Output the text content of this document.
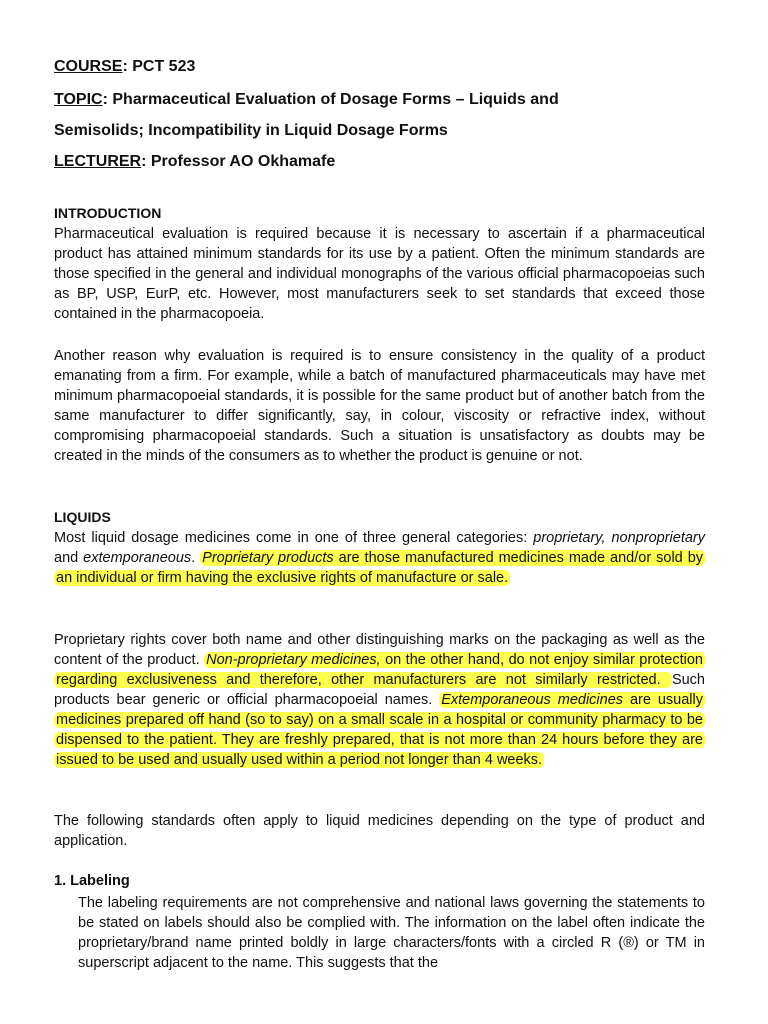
COURSE: PCT 523
TOPIC: Pharmaceutical Evaluation of Dosage Forms – Liquids and
Semisolids; Incompatibility in Liquid Dosage Forms
LECTURER: Professor AO Okhamafe
INTRODUCTION

Pharmaceutical evaluation is required because it is necessary to ascertain if a pharmaceutical product has attained minimum standards for its use by a patient. Often the minimum standards are those specified in the general and individual monographs of the various official pharmacopoeias such as BP, USP, EurP, etc. However, most manufacturers seek to set standards that exceed those contained in the pharmacopoeia.

Another reason why evaluation is required is to ensure consistency in the quality of a product emanating from a firm. For example, while a batch of manufactured pharmaceuticals may have met minimum pharmacopoeial standards, it is possible for the same product but of another batch from the same manufacturer to differ significantly, say, in colour, viscosity or refractive index, without compromising pharmacopoeial standards. Such a situation is unsatisfactory as doubts may be created in the minds of the consumers as to whether the product is genuine or not.

LIQUIDS

Most liquid dosage medicines come in one of three general categories: proprietary, nonproprietary and extemporaneous. Proprietary products are those manufactured medicines made and/or sold by an individual or firm having the exclusive rights of manufacture or sale.

Proprietary rights cover both name and other distinguishing marks on the packaging as well as the content of the product. Non-proprietary medicines, on the other hand, do not enjoy similar protection regarding exclusiveness and therefore, other manufacturers are not similarly restricted. Such products bear generic or official pharmacopoeial names. Extemporaneous medicines are usually medicines prepared off hand (so to say) on a small scale in a hospital or community pharmacy to be dispensed to the patient. They are freshly prepared, that is not more than 24 hours before they are issued to be used and usually used within a period not longer than 4 weeks.

The following standards often apply to liquid medicines depending on the type of product and application.

1. Labeling

The labeling requirements are not comprehensive and national laws governing the statements to be stated on labels should also be complied with. The information on the label often indicate the proprietary/brand name printed boldly in large characters/fonts with a circled R (®) or TM in superscript adjacent to the name. This suggests that the
